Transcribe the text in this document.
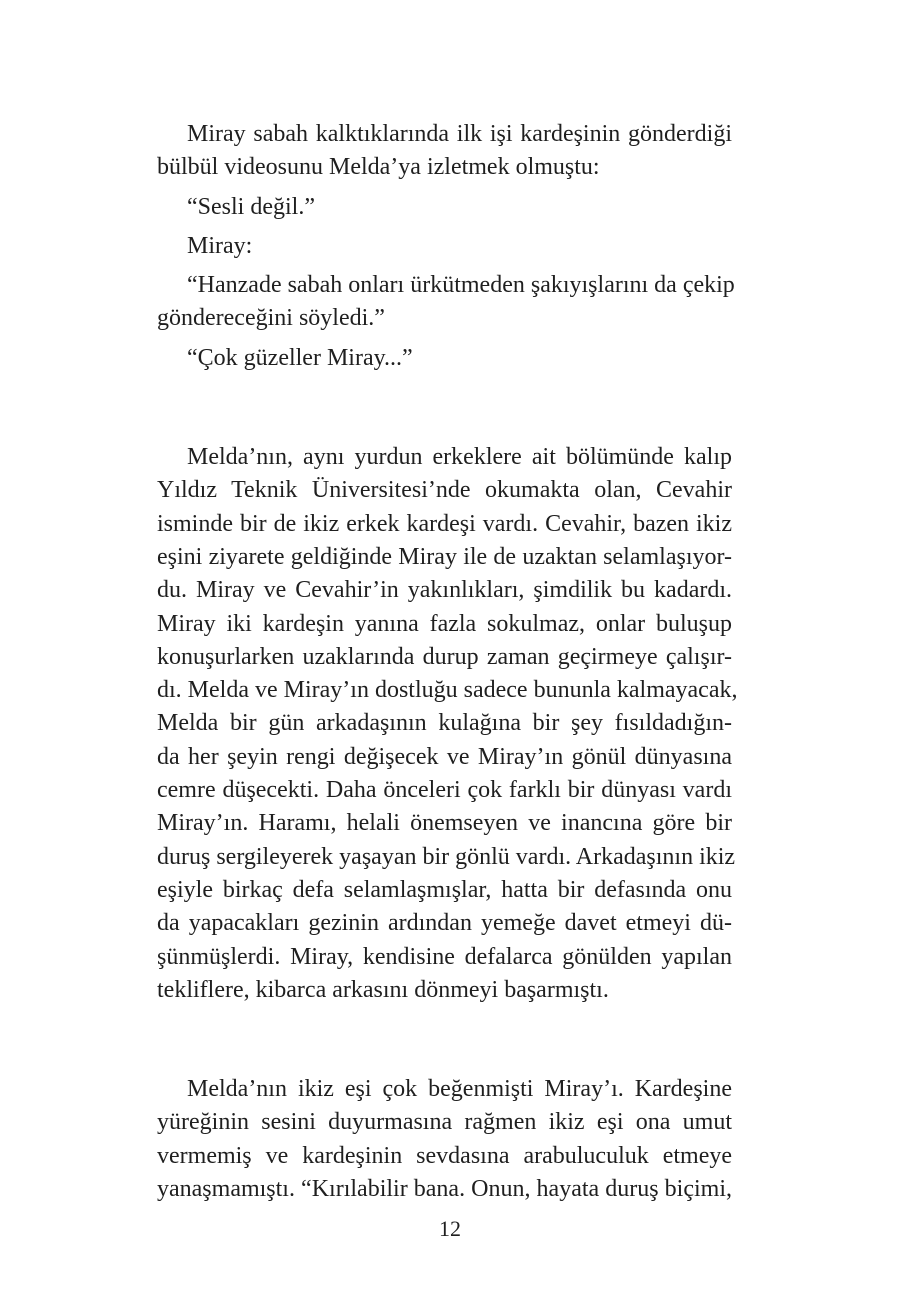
Miray sabah kalktıklarında ilk işi kardeşinin gönderdiği
bülbül videosunu Melda’ya izletmek olmuştu:
“Sesli değil.”
Miray:
“Hanzade sabah onları ürkütmeden şakıyışlarını da çekip
göndereceğini söyledi.”
“Çok güzeller Miray...”
Melda’nın, aynı yurdun erkeklere ait bölümünde kalıp
Yıldız Teknik Üniversitesi’nde okumakta olan, Cevahir
isminde bir de ikiz erkek kardeşi vardı. Cevahir, bazen ikiz
eşini ziyarete geldiğinde Miray ile de uzaktan selamlaşıyor-
du. Miray ve Cevahir’in yakınlıkları, şimdilik bu kadardı.
Miray iki kardeşin yanına fazla sokulmaz, onlar buluşup
konuşurlarken uzaklarında durup zaman geçirmeye çalışır-
dı. Melda ve Miray’ın dostluğu sadece bununla kalmayacak,
Melda bir gün arkadaşının kulağına bir şey fısıldadığın-
da her şeyin rengi değişecek ve Miray’ın gönül dünyasına
cemre düşecekti. Daha önceleri çok farklı bir dünyası vardı
Miray’ın. Haramı, helali önemseyen ve inancına göre bir
duruş sergileyerek yaşayan bir gönlü vardı. Arkadaşının ikiz
eşiyle birkaç defa selamlaşmışlar, hatta bir defasında onu
da yapacakları gezinin ardından yemeğe davet etmeyi dü-
şünmüşlerdi. Miray, kendisine defalarca gönülden yapılan
tekliflere, kibarca arkasını dönmeyi başarmıştı.
Melda’nın ikiz eşi çok beğenmişti Miray’ı. Kardeşine
yüreğinin sesini duyurmasına rağmen ikiz eşi ona umut
vermemiş ve kardeşinin sevdasına arabuluculuk etmeye
yanaşmamıştı. “Kırılabilir bana. Onun, hayata duruş biçimi,
12
